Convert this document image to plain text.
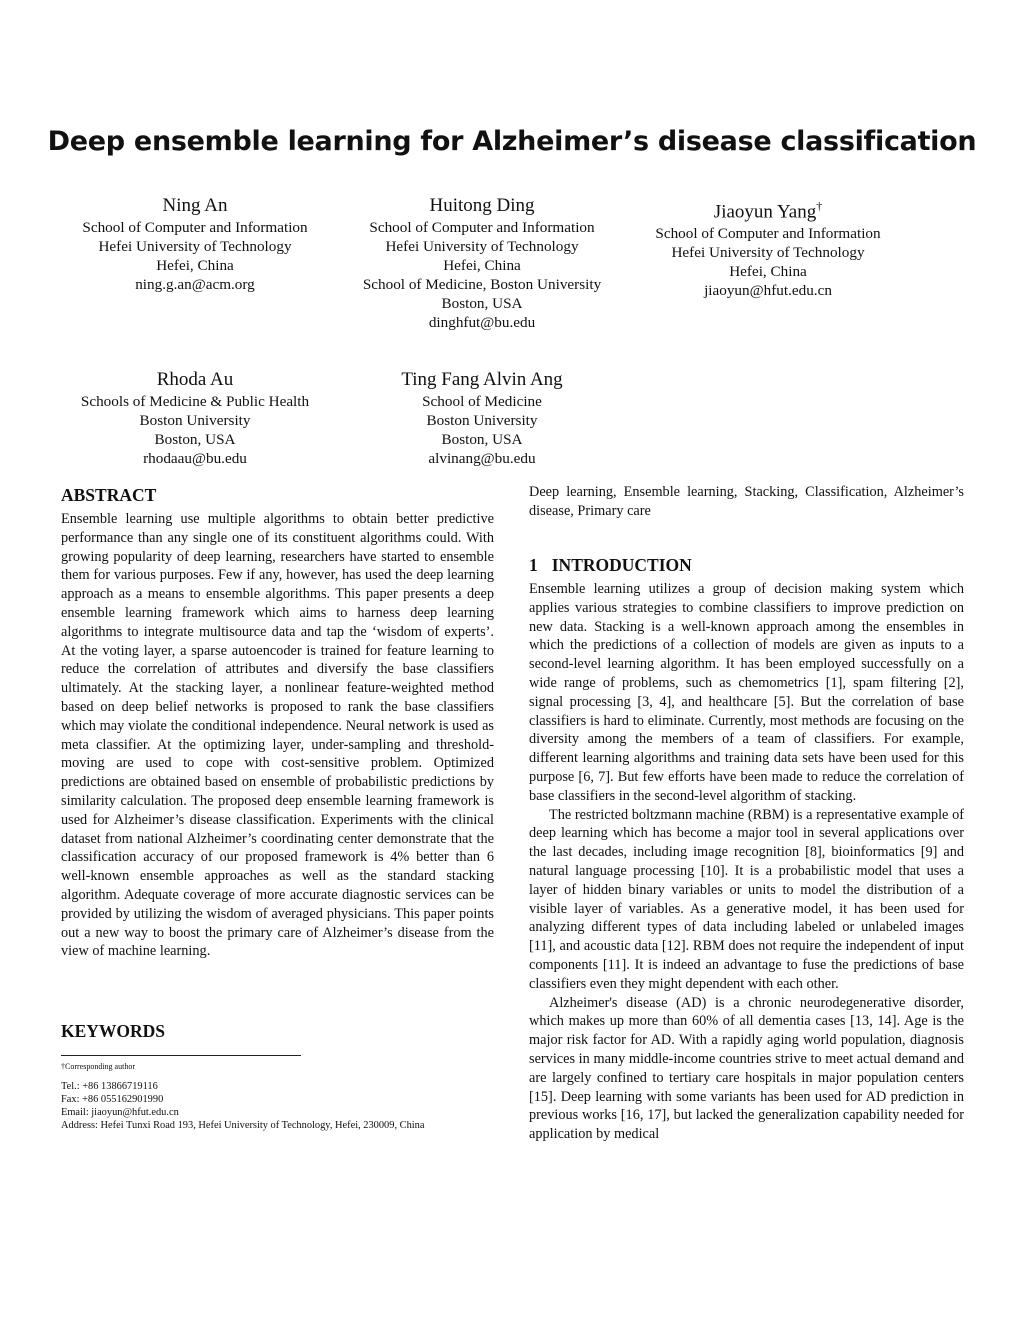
Deep ensemble learning for Alzheimer’s disease classification
Ning An
School of Computer and Information
Hefei University of Technology
Hefei, China
ning.g.an@acm.org
Huitong Ding
School of Computer and Information
Hefei University of Technology
Hefei, China
School of Medicine, Boston University
Boston, USA
dinghfut@bu.edu
Jiaoyun Yang†
School of Computer and Information
Hefei University of Technology
Hefei, China
jiaoyun@hfut.edu.cn
Rhoda Au
Schools of Medicine & Public Health
Boston University
Boston, USA
rhodaau@bu.edu
Ting Fang Alvin Ang
School of Medicine
Boston University
Boston, USA
alvinang@bu.edu
ABSTRACT

Ensemble learning use multiple algorithms to obtain better predictive performance than any single one of its constituent algorithms could. With growing popularity of deep learning, researchers have started to ensemble them for various purposes. Few if any, however, has used the deep learning approach as a means to ensemble algorithms. This paper presents a deep ensemble learning framework which aims to harness deep learning algorithms to integrate multisource data and tap the ‘wisdom of experts’. At the voting layer, a sparse autoencoder is trained for feature learning to reduce the correlation of attributes and diversify the base classifiers ultimately. At the stacking layer, a nonlinear feature-weighted method based on deep belief networks is proposed to rank the base classifiers which may violate the conditional independence. Neural network is used as meta classifier. At the optimizing layer, under-sampling and threshold-moving are used to cope with cost-sensitive problem. Optimized predictions are obtained based on ensemble of probabilistic predictions by similarity calculation. The proposed deep ensemble learning framework is used for Alzheimer’s disease classification. Experiments with the clinical dataset from national Alzheimer’s coordinating center demonstrate that the classification accuracy of our proposed framework is 4% better than 6 well-known ensemble approaches as well as the standard stacking algorithm. Adequate coverage of more accurate diagnostic services can be provided by utilizing the wisdom of averaged physicians. This paper points out a new way to boost the primary care of Alzheimer’s disease from the view of machine learning.

KEYWORDS
†Corresponding author
Tel.: +86 13866719116
Fax: +86 055162901990
Email: jiaoyun@hfut.edu.cn
Address: Hefei Tunxi Road 193, Hefei University of Technology, Hefei, 230009, China

Deep learning, Ensemble learning, Stacking, Classification, Alzheimer’s disease, Primary care

1 INTRODUCTION

Ensemble learning utilizes a group of decision making system which applies various strategies to combine classifiers to improve prediction on new data. Stacking is a well-known approach among the ensembles in which the predictions of a collection of models are given as inputs to a second-level learning algorithm. It has been employed successfully on a wide range of problems, such as chemometrics [1], spam filtering [2], signal processing [3, 4], and healthcare [5]. But the correlation of base classifiers is hard to eliminate. Currently, most methods are focusing on the diversity among the members of a team of classifiers. For example, different learning algorithms and training data sets have been used for this purpose [6, 7]. But few efforts have been made to reduce the correlation of base classifiers in the second-level algorithm of stacking.

The restricted boltzmann machine (RBM) is a representative example of deep learning which has become a major tool in several applications over the last decades, including image recognition [8], bioinformatics [9] and natural language processing [10]. It is a probabilistic model that uses a layer of hidden binary variables or units to model the distribution of a visible layer of variables. As a generative model, it has been used for analyzing different types of data including labeled or unlabeled images [11], and acoustic data [12]. RBM does not require the independent of input components [11]. It is indeed an advantage to fuse the predictions of base classifiers even they might dependent with each other.

Alzheimer's disease (AD) is a chronic neurodegenerative disorder, which makes up more than 60% of all dementia cases [13, 14]. Age is the major risk factor for AD. With a rapidly aging world population, diagnosis services in many middle-income countries strive to meet actual demand and are largely confined to tertiary care hospitals in major population centers [15]. Deep learning with some variants has been used for AD prediction in previous works [16, 17], but lacked the generalization capability needed for application by medical
